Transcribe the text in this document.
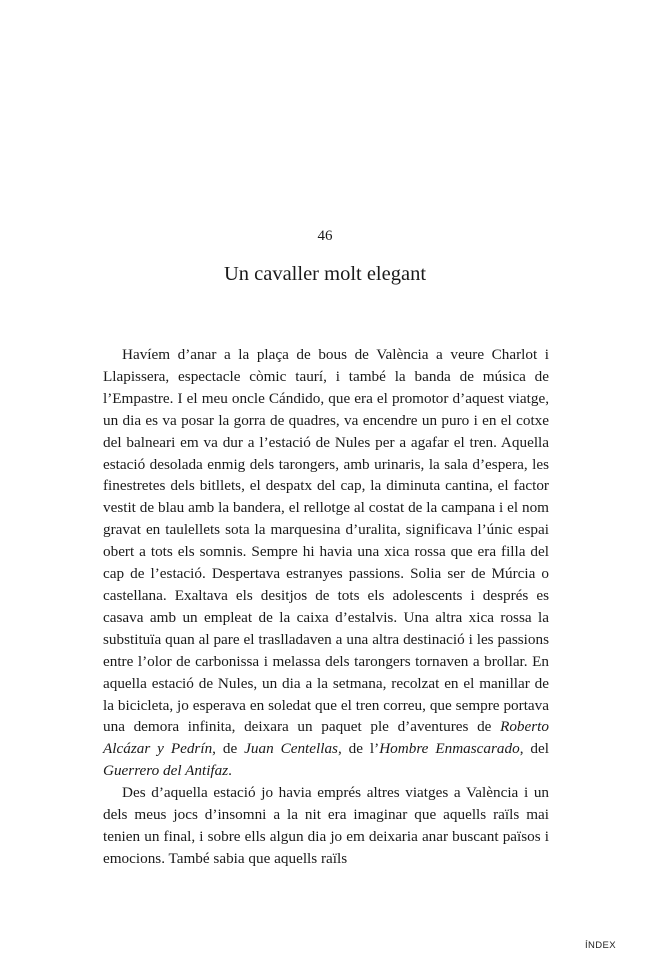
46
Un cavaller molt elegant

Havíem d’anar a la plaça de bous de València a veure Charlot i Llapissera, espectacle còmic taurí, i també la banda de música de l’Empastre. I el meu oncle Cándido, que era el promotor d’aquest viatge, un dia es va posar la gorra de quadres, va encendre un puro i en el cotxe del balneari em va dur a l’estació de Nules per a agafar el tren. Aquella estació desolada enmig dels tarongers, amb urinaris, la sala d’espera, les finestretes dels bitllets, el despatx del cap, la diminuta cantina, el factor vestit de blau amb la bandera, el rellotge al costat de la campana i el nom gravat en taulellets sota la marquesina d’uralita, significava l’únic espai obert a tots els somnis. Sempre hi havia una xica rossa que era filla del cap de l’estació. Despertava estranyes passions. Solia ser de Múrcia o castellana. Exaltava els desitjos de tots els adolescents i després es casava amb un empleat de la caixa d’estalvis. Una altra xica rossa la substituïa quan al pare el traslladaven a una altra destinació i les passions entre l’olor de carbonissa i melassa dels tarongers tornaven a brollar. En aquella estació de Nules, un dia a la setmana, recolzat en el manillar de la bicicleta, jo esperava en soledat que el tren correu, que sempre portava una demora infinita, deixara un paquet ple d’aventures de Roberto Alcázar y Pedrín, de Juan Centellas, de l’Hombre Enmascarado, del Guerrero del Antifaz.

Des d’aquella estació jo havia emprés altres viatges a València i un dels meus jocs d’insomni a la nit era imaginar que aquells raïls mai tenien un final, i sobre ells algun dia jo em deixaria anar buscant països i emocions. També sabia que aquells raïls

ÍNDEX
